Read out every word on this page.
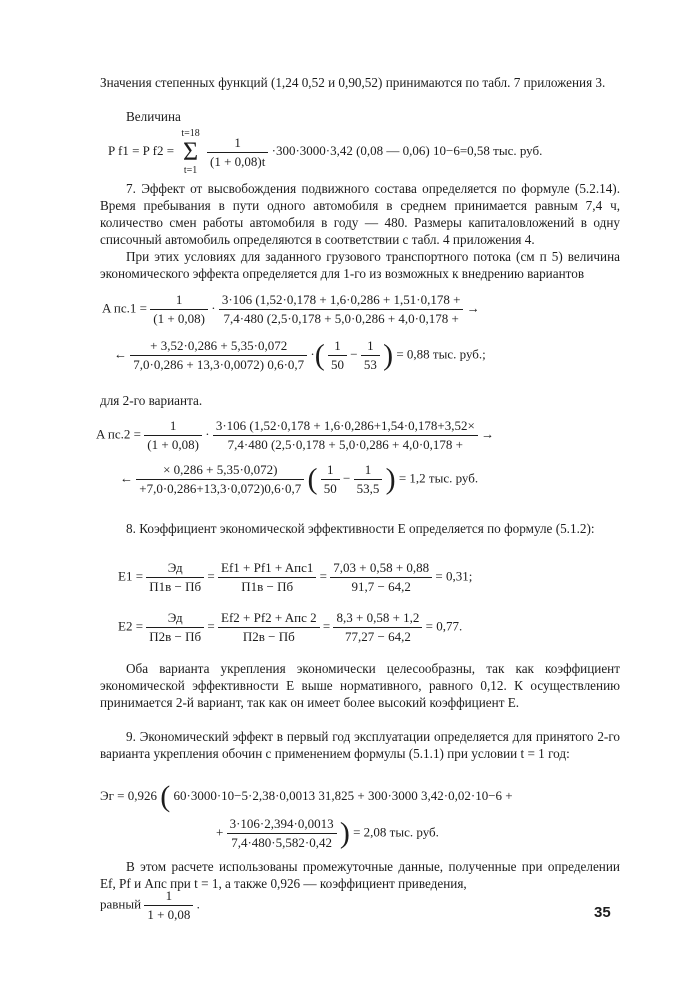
Значения степенных функций (1,24 0,52 и 0,90,52) принимаются по табл. 7 приложения 3.

Величина

P f1 = P f2 = t=18
Σ
t=1
$\frac{1}{(1 + 0,08)t} \cdot 300\cdot 3000\cdot 3,42$ (0,08 — 0,06) 10−6=0,58 тыс. руб.

7. Эффект от высвобождения подвижного состава определяется по формуле (5.2.14). Время пребывания в пути одного автомобиля в среднем принимается равным 7,4 ч, количество смен работы автомобиля в году — 480. Размеры капиталовложений в одну списочный автомобиль определяются в соответствии с табл. 4 приложения 4.

При этих условиях для заданного грузового транспортного потока (см п 5) величина экономического эффекта определяется для 1-го из возможных к внедрению вариантов

A $пс.1 = \frac{1}{(1 + 0,08)} \cdot \frac{3\cdot 106 (1,52\cdot 0,178 + 1,6\cdot 0,286 + 1,51\cdot 0,178 +}{7,4\cdot 480 (2,5\cdot 0,178 + 5,0\cdot 0,286 + 4,0\cdot 0,178 +}$ →
← $\frac{+ 3,52\cdot 0,286 + 5,35\cdot 0,072}{7,0\cdot 0,286 + 13,3\cdot 0,0072) 0,6\cdot 0,7}$ ·( $\frac{1}{50} - \frac{1}{53}$ ) = 0,88 тыс. руб.;

для 2-го варианта.

A $пс.2 = \frac{1}{(1 + 0,08)} \cdot \frac{3\cdot 106 (1,52\cdot 0,178 + 1,6\cdot 0,286+1,54\cdot 0,178+3,52\times}{7,4\cdot 480 (2,5\cdot 0,178 + 5,0\cdot 0,286 + 4,0\cdot 0,178 +}$ →
← $\frac{\times 0,286 + 5,35\cdot 0,072)}{+7,0\cdot 0,286+13,3\cdot 0,072)0,6\cdot 0,7}$ ( $\frac{1}{50} - \frac{1}{53,5}$ ) = 1,2 тыс. руб.

8. Коэффициент экономической эффективности E определяется по формуле (5.1.2):

$E1 = \frac{Эд}{П1в - Пб} = \frac{\text{Ef1 + Pf1 + Aпс1}}{П1в - Пб} = \frac{7,03 + 0,58 + 0,88}{91,7 - 64,2} = 0,31$;
$E2 = \frac{Эд}{П2в - Пб} = \frac{\text{Ef2 + Pf2 + Aпс 2}}{П2в - Пб} = \frac{8,3 + 0,58 + 1,2}{77,27 - 64,2} = 0,77$.

Оба варианта укрепления экономически целесообразны, так как коэффициент экономической эффективности E выше нормативного, равного 0,12. К осуществлению принимается 2-й вариант, так как он имеет более высокий коэффициент E.

9. Экономический эффект в первый год эксплуатации определяется для принятого 2-го варианта укрепления обочин с применением формулы (5.1.1) при условии t = 1 год:

Эг = 0,926 ( 60·3000·10−5·2,38·0,0013 31,825 + 300·3000 3,42·0,02·10−6 +
+ $\frac{3\cdot 106\cdot 2,394\cdot 0,0013}{7,4\cdot 480\cdot 5,582\cdot 0,42}$ ) = 2,08 тыс. руб.

В этом расчете использованы промежуточные данные, полученные при определении Ef, Pf и Aпс при t = 1, а также 0,926 — коэффициент приведения,

равный $\frac{1}{1 + 0,08}$ .
35
